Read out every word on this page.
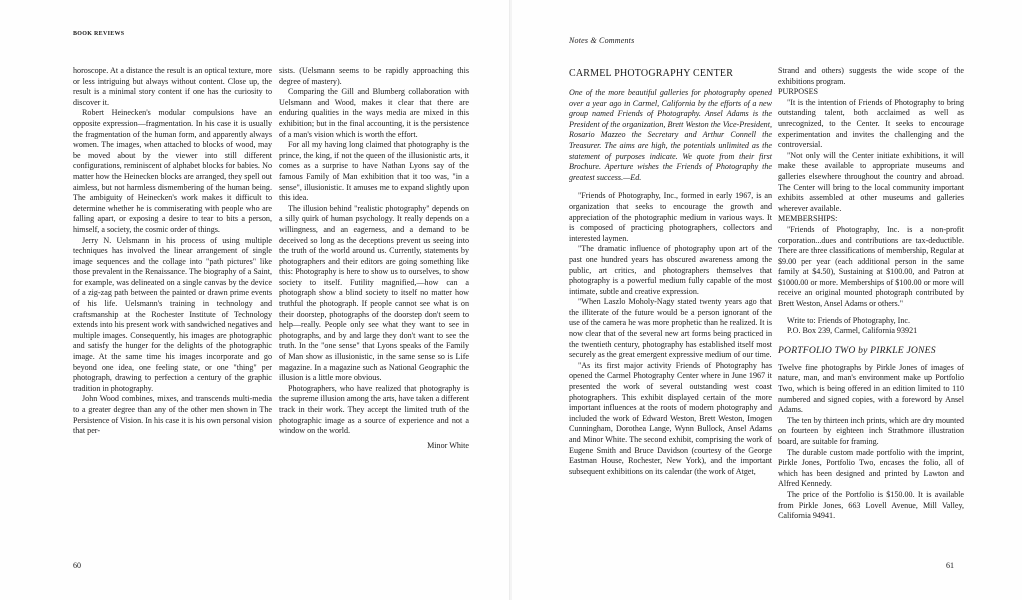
BOOK REVIEWS

horoscope. At a distance the result is an optical texture, more or less intriguing but always without content. Close up, the result is a minimal story content if one has the curiosity to discover it.

Robert Heinecken's modular compulsions have an opposite expression—fragmentation. In his case it is usually the fragmentation of the human form, and apparently always women. The images, when attached to blocks of wood, may be moved about by the viewer into still different configurations, reminiscent of alphabet blocks for babies. No matter how the Heinecken blocks are arranged, they spell out aimless, but not harmless dismembering of the human being. The ambiguity of Heinecken's work makes it difficult to determine whether he is commiserating with people who are falling apart, or exposing a desire to tear to bits a person, himself, a society, the cosmic order of things.

Jerry N. Uelsmann in his process of using multiple techniques has involved the linear arrangement of single image sequences and the collage into "path pictures" like those prevalent in the Renaissance. The biography of a Saint, for example, was delineated on a single canvas by the device of a zig-zag path between the painted or drawn prime events of his life. Uelsmann's training in technology and craftsmanship at the Rochester Institute of Technology extends into his present work with sandwiched negatives and multiple images. Consequently, his images are photographic and satisfy the hunger for the delights of the photographic image. At the same time his images incorporate and go beyond one idea, one feeling state, or one "thing" per photograph, drawing to perfection a century of the graphic tradition in photography.

John Wood combines, mixes, and transcends multi-media to a greater degree than any of the other men shown in The Persistence of Vision. In his case it is his own personal vision that per-

sists. (Uelsmann seems to be rapidly approaching this degree of mastery).

Comparing the Gill and Blumberg collaboration with Uelsmann and Wood, makes it clear that there are enduring qualities in the ways media are mixed in this exhibition; but in the final accounting, it is the persistence of a man's vision which is worth the effort.

For all my having long claimed that photography is the prince, the king, if not the queen of the illusionistic arts, it comes as a surprise to have Nathan Lyons say of the famous Family of Man exhibition that it too was, "in a sense", illusionistic. It amuses me to expand slightly upon this idea.

The illusion behind "realistic photography" depends on a silly quirk of human psychology. It really depends on a willingness, and an eagerness, and a demand to be deceived so long as the deceptions prevent us seeing into the truth of the world around us. Currently, statements by photographers and their editors are going something like this: Photography is here to show us to ourselves, to show society to itself. Futility magnified,—how can a photograph show a blind society to itself no matter how truthful the photograph. If people cannot see what is on their doorstep, photographs of the doorstep don't seem to help—really. People only see what they want to see in photographs, and by and large they don't want to see the truth. In the "one sense" that Lyons speaks of the Family of Man show as illusionistic, in the same sense so is Life magazine. In a magazine such as National Geographic the illusion is a little more obvious.

Photographers, who have realized that photography is the supreme illusion among the arts, have taken a different track in their work. They accept the limited truth of the photographic image as a source of experience and not a window on the world.

Minor White

60
Notes & Comments
CARMEL PHOTOGRAPHY CENTER

One of the more beautiful galleries for photography opened over a year ago in Carmel, California by the efforts of a new group named Friends of Photography. Ansel Adams is the President of the organization, Brett Weston the Vice-President, Rosario Mazzeo the Secretary and Arthur Connell the Treasurer. The aims are high, the potentials unlimited as the statement of purposes indicate. We quote from their first Brochure. Aperture wishes the Friends of Photography the greatest success.—Ed.

"Friends of Photography, Inc., formed in early 1967, is an organization that seeks to encourage the growth and appreciation of the photographic medium in various ways. It is composed of practicing photographers, collectors and interested laymen.

"The dramatic influence of photography upon art of the past one hundred years has obscured awareness among the public, art critics, and photographers themselves that photography is a powerful medium fully capable of the most intimate, subtle and creative expression.

"When Laszlo Moholy-Nagy stated twenty years ago that the illiterate of the future would be a person ignorant of the use of the camera he was more prophetic than he realized. It is now clear that of the several new art forms being practiced in the twentieth century, photography has established itself most securely as the great emergent expressive medium of our time.

"As its first major activity Friends of Photography has opened the Carmel Photography Center where in June 1967 it presented the work of several outstanding west coast photographers. This exhibit displayed certain of the more important influences at the roots of modern photography and included the work of Edward Weston, Brett Weston, Imogen Cunningham, Dorothea Lange, Wynn Bullock, Ansel Adams and Minor White. The second exhibit, comprising the work of Eugene Smith and Bruce Davidson (courtesy of the George Eastman House, Rochester, New York), and the important subsequent exhibitions on its calendar (the work of Atget,

Strand and others) suggests the wide scope of the exhibitions program.

PURPOSES

"It is the intention of Friends of Photography to bring outstanding talent, both acclaimed as well as unrecognized, to the Center. It seeks to encourage experimentation and invites the challenging and the controversial.

"Not only will the Center initiate exhibitions, it will make these available to appropriate museums and galleries elsewhere throughout the country and abroad. The Center will bring to the local community important exhibits assembled at other museums and galleries wherever available.

MEMBERSHIPS:

"Friends of Photography, Inc. is a non-profit corporation...dues and contributions are tax-deductible. There are three classifications of membership, Regular at $9.00 per year (each additional person in the same family at $4.50), Sustaining at $100.00, and Patron at $1000.00 or more. Memberships of $100.00 or more will receive an original mounted photograph contributed by Brett Weston, Ansel Adams or others."

Write to: Friends of Photography, Inc.

P.O. Box 239, Carmel, California 93921

PORTFOLIO TWO by PIRKLE JONES

Twelve fine photographs by Pirkle Jones of images of nature, man, and man's environment make up Portfolio Two, which is being offered in an edition limited to 110 numbered and signed copies, with a foreword by Ansel Adams.

The ten by thirteen inch prints, which are dry mounted on fourteen by eighteen inch Strathmore illustration board, are suitable for framing.

The durable custom made portfolio with the imprint, Pirkle Jones, Portfolio Two, encases the folio, all of which has been designed and printed by Lawton and Alfred Kennedy.

The price of the Portfolio is $150.00. It is available from Pirkle Jones, 663 Lovell Avenue, Mill Valley, California 94941.

61
